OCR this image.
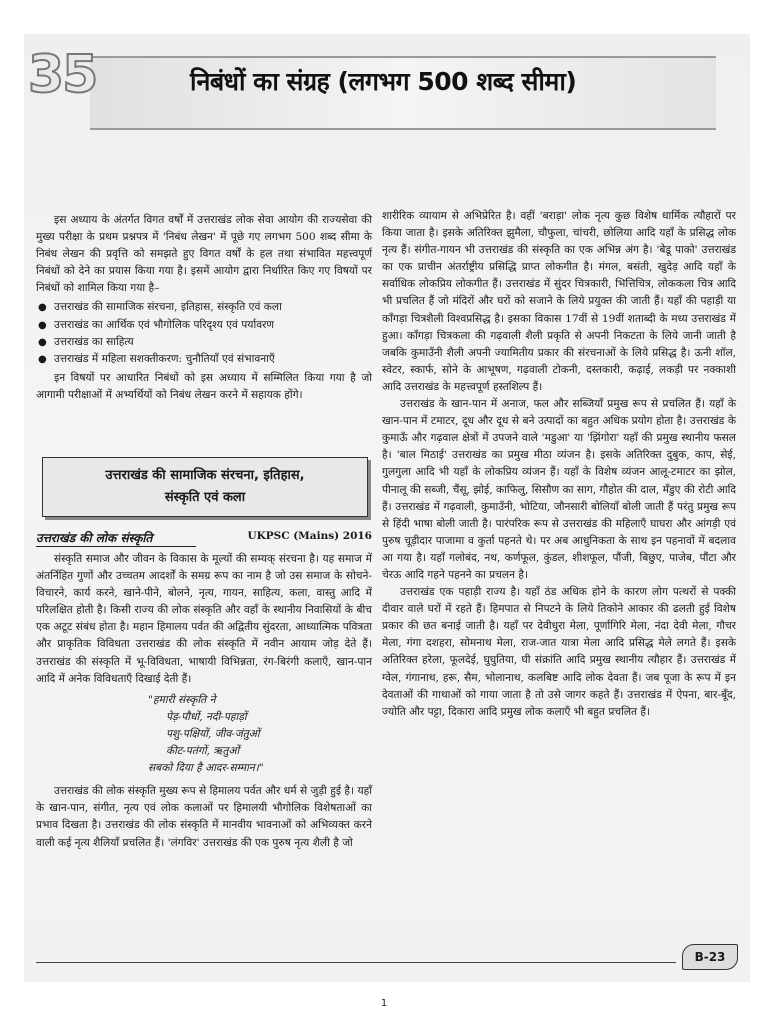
35	निबंधों का संग्रह (लगभग 500 शब्द सीमा)

इस अध्याय के अंतर्गत विगत वर्षों में उत्तराखंड लोक सेवा आयोग की राज्यसेवा की मुख्य परीक्षा के प्रथम प्रश्नपत्र में 'निबंध लेखन' में पूछे गए लगभग 500 शब्द सीमा के निबंध लेखन की प्रवृत्ति को समझते हुए विगत वर्षों के हल तथा संभावित महत्त्वपूर्ण निबंधों को देने का प्रयास किया गया है। इसमें आयोग द्वारा निर्धारित किए गए विषयों पर निबंधों को शामिल किया गया है–

● उत्तराखंड की सामाजिक संरचना, इतिहास, संस्कृति एवं कला
● उत्तराखंड का आर्थिक एवं भौगोलिक परिदृश्य एवं पर्यावरण
● उत्तराखंड का साहित्य
● उत्तराखंड में महिला सशक्तीकरण: चुनौतियाँ एवं संभावनाएँ

इन विषयों पर आधारित निबंधों को इस अध्याय में सम्मिलित किया गया है जो आगामी परीक्षाओं में अभ्यर्थियों को निबंध लेखन करने में सहायक होंगे।

उत्तराखंड की सामाजिक संरचना, इतिहास,
संस्कृति एवं कला
उत्तराखंड की लोक संस्कृति	UKPSC (Mains) 2016

संस्कृति समाज और जीवन के विकास के मूल्यों की सम्यक् संरचना है। यह समाज में अंतर्निहित गुणों और उच्चतम आदर्शों के समग्र रूप का नाम है जो उस समाज के सोचने-विचारने, कार्य करने, खाने-पीने, बोलने, नृत्य, गायन, साहित्य, कला, वास्तु आदि में परिलक्षित होती है। किसी राज्य की लोक संस्कृति और वहाँ के स्थानीय निवासियों के बीच एक अटूट संबंध होता है। महान हिमालय पर्वत की अद्वितीय सुंदरता, आध्यात्मिक पवित्रता और प्राकृतिक विविधता उत्तराखंड की लोक संस्कृति में नवीन आयाम जोड़ देते हैं। उत्तराखंड की संस्कृति में भू-विविधता, भाषायी विभिन्नता, रंग-बिरंगी कलाएँ, खान-पान आदि में अनेक विविधताएँ दिखाई देती हैं।

"हमारी संस्कृति ने
पेड़-पौधों, नदी-पहाड़ों
पशु-पक्षियों, जीव-जंतुओं
कीट-पतंगों, ऋतुओं
सबको दिया है आदर-सम्मान।"

उत्तराखंड की लोक संस्कृति मुख्य रूप से हिमालय पर्वत और धर्म से जुड़ी हुई है। यहाँ के खान-पान, संगीत, नृत्य एवं लोक कलाओं पर हिमालयी भौगोलिक विशेषताओं का प्रभाव दिखता है। उत्तराखंड की लोक संस्कृति में मानवीय भावनाओं को अभिव्यक्त करने वाली कई नृत्य शैलियाँ प्रचलित हैं। 'लंगविर' उत्तराखंड की एक पुरुष नृत्य शैली है जो

शारीरिक व्यायाम से अभिप्रेरित है। वहीं 'बराड़ा' लोक नृत्य कुछ विशेष धार्मिक त्यौहारों पर किया जाता है। इसके अतिरिक्त झुमैला, चौफुला, चांचरी, छोलिया आदि यहाँ के प्रसिद्ध लोक नृत्य हैं। संगीत-गायन भी उत्तराखंड की संस्कृति का एक अभिन्न अंग है। 'बेडू पाको' उत्तराखंड का एक प्राचीन अंतर्राष्ट्रीय प्रसिद्धि प्राप्त लोकगीत है। मंगल, बसंती, खुदेड़ आदि यहाँ के सर्वाधिक लोकप्रिय लोकगीत हैं। उत्तराखंड में सुंदर चित्रकारी, भित्तिचित्र, लोककला चित्र आदि भी प्रचलित हैं जो मंदिरों और घरों को सजाने के लिये प्रयुक्त की जाती हैं। यहाँ की पहाड़ी या काँगड़ा चित्रशैली विश्वप्रसिद्ध है। इसका विकास 17वीं से 19वीं शताब्दी के मध्य उत्तराखंड में हुआ। काँगड़ा चित्रकला की गढ़वाली शैली प्रकृति से अपनी निकटता के लिये जानी जाती है जबकि कुमाउँनी शैली अपनी ज्यामितीय प्रकार की संरचनाओं के लिये प्रसिद्ध है। ऊनी शॉल, स्वेटर, स्कार्फ, सोने के आभूषण, गढ़वाली टोकनी, दस्तकारी, कढ़ाई, लकड़ी पर नक्काशी आदि उत्तराखंड के महत्त्वपूर्ण हस्तशिल्प हैं।

उत्तराखंड के खान-पान में अनाज, फल और सब्जियाँ प्रमुख रूप से प्रचलित हैं। यहाँ के खान-पान में टमाटर, दूध और दूध से बने उत्पादों का बहुत अधिक प्रयोग होता है। उत्तराखंड के कुमाऊँ और गढ़वाल क्षेत्रों में उपजने वाले 'मडुआ' या 'झिंगोरा' यहाँ की प्रमुख स्थानीय फसल है। 'बाल मिठाई' उत्तराखंड का प्रमुख मीठा व्यंजन है। इसके अतिरिक्त दुबुक, काप, सेई, गुलगुला आदि भी यहाँ के लोकप्रिय व्यंजन हैं। यहाँ के विशेष व्यंजन आलू-टमाटर का झोल, पीनालू की सब्जी, चैंसू, झोई, काफिलु, सिसौण का साग, गौहोत की दाल, मँडुए की रोटी आदि हैं। उत्तराखंड में गढ़वाली, कुमाउँनी, भोटिया, जौनसारी बोलियाँ बोली जाती हैं परंतु प्रमुख रूप से हिंदी भाषा बोली जाती है। पारंपरिक रूप से उत्तराखंड की महिलाएँ घाघरा और आंगड़ी एवं पुरुष चूड़ीदार पाजामा व कुर्ता पहनते थे। पर अब आधुनिकता के साथ इन पहनावों में बदलाव आ गया है। यहाँ गलोबंद, नथ, कर्णफूल, कुंडल, शीशफूल, पौंजी, बिछुए, पाजेब, पौंटा और चेरऊ आदि गहने पहनने का प्रचलन है।

उत्तराखंड एक पहाड़ी राज्य है। यहाँ ठंड अधिक होने के कारण लोग पत्थरों से पक्की दीवार वाले घरों में रहते हैं। हिमपात से निपटने के लिये तिकोने आकार की ढलती हुई विशेष प्रकार की छत बनाई जाती है। यहाँ पर देवीधुरा मेला, पूर्णागिरि मेला, नंदा देवी मेला, गौचर मेला, गंगा दशहरा, सोमनाथ मेला, राज-जात यात्रा मेला आदि प्रसिद्ध मेले लगते हैं। इसके अतिरिक्त हरेला, फूलदेई, घुघुतिया, घी संक्रांति आदि प्रमुख स्थानीय त्यौहार हैं। उत्तराखंड में ग्वेल, गंगानाथ, हरू, सैम, भोलानाथ, कलबिष्ट आदि लोक देवता हैं। जब पूजा के रूप में इन देवताओं की गाथाओं को गाया जाता है तो उसे जागर कहते हैं। उत्तराखंड में ऐपना, बार-बूँद, ज्योति और पट्टा, दिकारा आदि प्रमुख लोक कलाएँ भी बहुत प्रचलित हैं।

B-23
1
